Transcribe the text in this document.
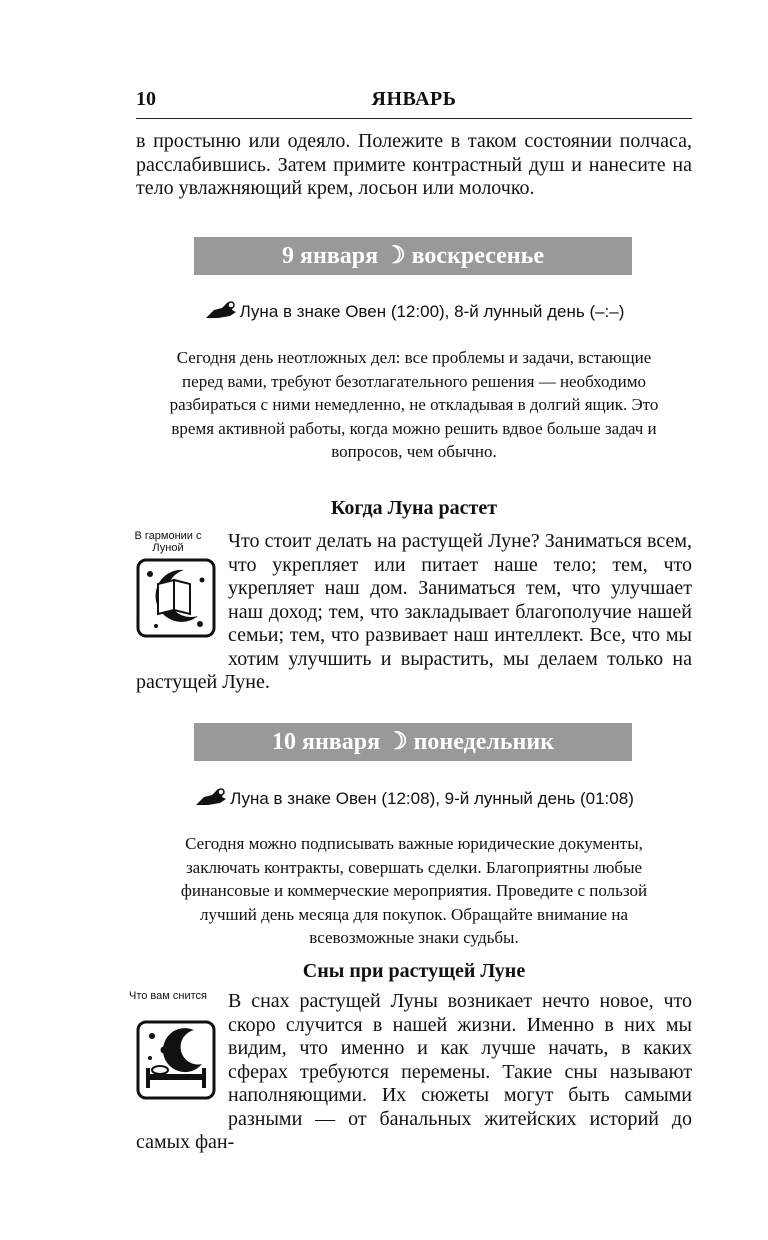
10	ЯНВАРЬ

в простыню или одеяло. Полежите в таком состоянии полчаса, расслабившись. Затем примите контрастный душ и нанесите на тело увлажняющий крем, лосьон или молочко.

9 января ☽ воскресенье
Луна в знаке Овен (12:00), 8-й лунный день (–:–)

Сегодня день неотложных дел: все проблемы и задачи, встающие перед вами, требуют безотлагательного решения — необходимо разбираться с ними немедленно, не откладывая в долгий ящик. Это время активной работы, когда можно решить вдвое больше задач и вопросов, чем обычно.

Когда Луна растет
В гармонии с Луной	Что стоит делать на растущей Луне? Заниматься всем, что укрепляет или питает наше тело; тем, что укрепляет наш дом. Заниматься тем, что улучшает наш доход; тем, что закладывает благополучие нашей семьи; тем, что развивает наш интеллект. Все, что мы хотим улучшить и вырастить, мы делаем только на растущей Луне.

10 января ☽ понедельник
Луна в знаке Овен (12:08), 9-й лунный день (01:08)

Сегодня можно подписывать важные юридические документы, заключать контракты, совершать сделки. Благоприятны любые финансовые и коммерческие мероприятия. Проведите с пользой лучший день месяца для покупок. Обращайте внимание на всевозможные знаки судьбы.

Сны при растущей Луне
Что вам снится	В снах растущей Луны возникает нечто новое, что скоро случится в нашей жизни. Именно в них мы видим, что именно и как лучше начать, в каких сферах требуются перемены. Такие сны называют наполняющими. Их сюжеты могут быть самыми разными — от банальных житейских историй до самых фан-
